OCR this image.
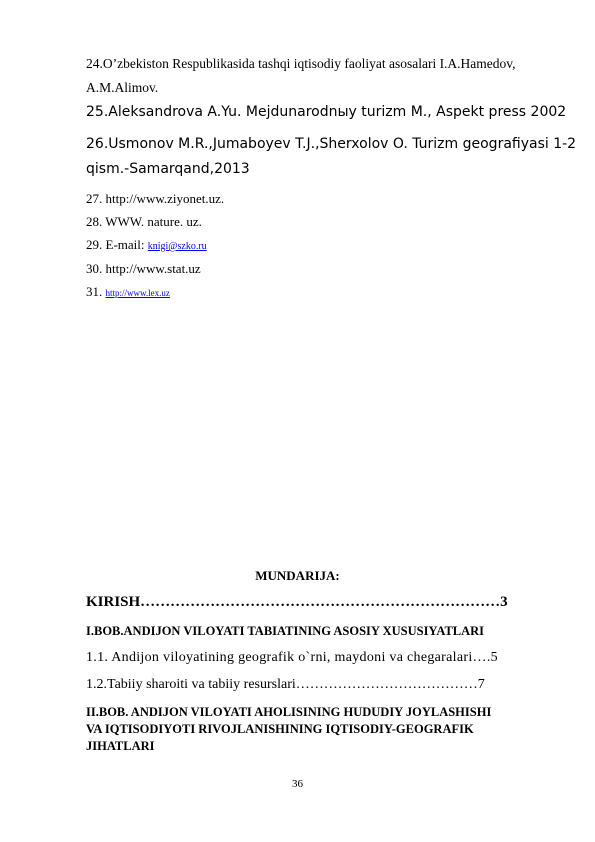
24.O’zbekiston Respublikasida tashqi iqtisodiy faoliyat asosalari I.A.Hamedov,
A.M.Alimov.
25.Aleksandrova A.Yu. Mejdunarodnыy turizm M., Aspekt press 2002
26.Usmonov M.R.,Jumaboyev T.J.,Sherxolov O. Turizm geografiyasi 1-2
qism.-Samarqand,2013
27. http://www.ziyonet.uz.
28. WWW. nature. uz.
29. E-mail: knigi@szko.ru
30. http://www.stat.uz
31. http://www.lex.uz
MUNDARIJA:
KIRISH………………………………………………………………3
I.BOB.ANDIJON VILOYATI TABIATINING ASOSIY XUSUSIYATLARI
1.1. Andijon viloyatining geografik o`rni, maydoni va chegaralari….5
1.2.Tabiiy sharoiti va tabiiy resurslari…………………………………7
II.BOB. ANDIJON VILOYATI AHOLISINING HUDUDIY JOYLASHISHI
VA IQTISODIYOTI RIVOJLANISHINING IQTISODIY-GEOGRAFIK
JIHATLARI
36
